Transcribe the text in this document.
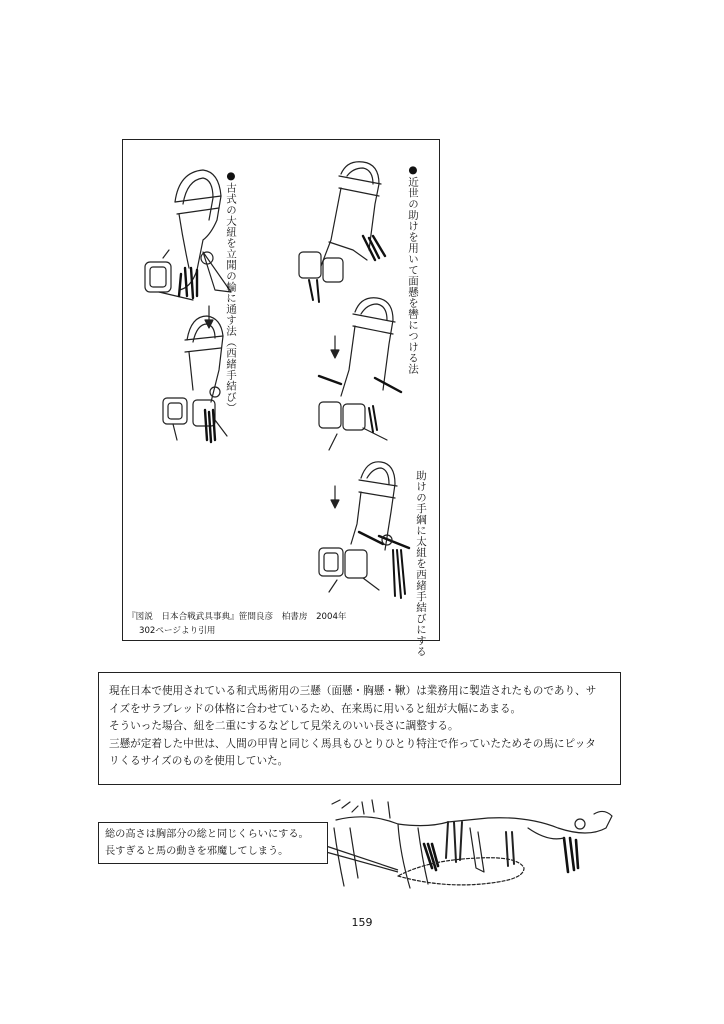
●古式の大紐を立聞の輪に通す法（西緒手結び）	●近世の助けを用いて面懸を轡につける法
助けの手綱に太組を西緒手結びにする
『図説　日本合戦武具事典』笹間良彦　柏書房　2004年
302ページより引用

現在日本で使用されている和式馬術用の三懸（面懸・胸懸・鞦）は業務用に製造されたものであり、サ

イズをサラブレッドの体格に合わせているため、在来馬に用いると紐が大幅にあまる。

そういった場合、紐を二重にするなどして見栄えのいい長さに調整する。

三懸が定着した中世は、人間の甲冑と同じく馬具もひとりひとり特注で作っていたためその馬にピッタ

リくるサイズのものを使用していた。

総の高さは胸部分の総と同じくらいにする。

長すぎると馬の動きを邪魔してしまう。

159
